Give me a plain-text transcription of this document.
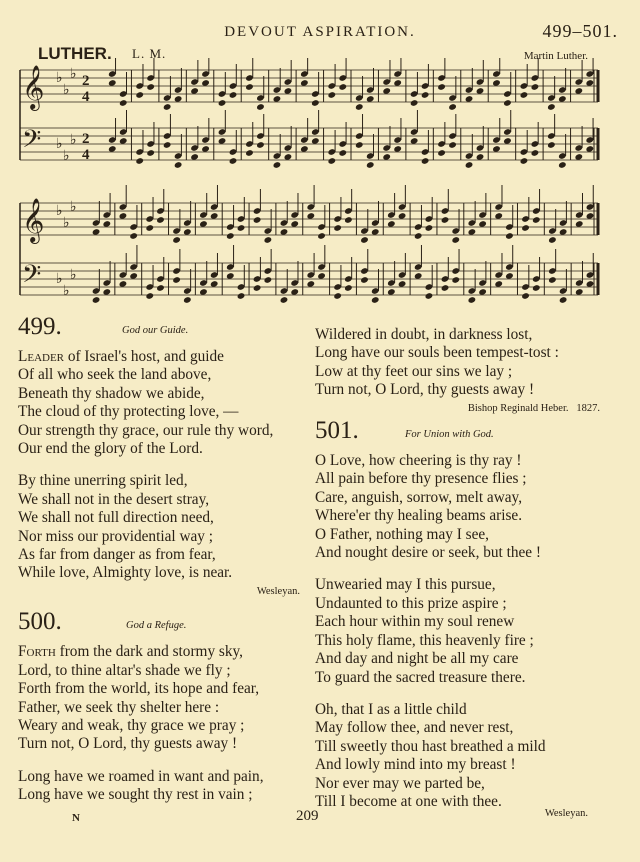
DEVOUT ASPIRATION.	499–501.
LUTHER. L. M.	Martin Luther.
𝄞 ♭
♭
♭ 2
4
𝄢 ♭
♭
♭ 2
4
𝄞 ♭
♭
♭
𝄢 ♭
♭
♭
499.	God our Guide.
Leader of Israel's host, and guide
Of all who seek the land above,
Beneath thy shadow we abide,
The cloud of thy protecting love, —
Our strength thy grace, our rule thy word,
Our end the glory of the Lord.
By thine unerring spirit led,
We shall not in the desert stray,
We shall not full direction need,
Nor miss our providential way ;
As far from danger as from fear,
While love, Almighty love, is near.
Wesleyan.
500.	God a Refuge.
Forth from the dark and stormy sky,
Lord, to thine altar's shade we fly ;
Forth from the world, its hope and fear,
Father, we seek thy shelter here :
Weary and weak, thy grace we pray ;
Turn not, O Lord, thy guests away !
Long have we roamed in want and pain,
Long have we sought thy rest in vain ;
Wildered in doubt, in darkness lost,
Long have our souls been tempest-tost :
Low at thy feet our sins we lay ;
Turn not, O Lord, thy guests away !
Bishop Reginald Heber. 1827.
501.	For Union with God.
O Love, how cheering is thy ray !
All pain before thy presence flies ;
Care, anguish, sorrow, melt away,
Where'er thy healing beams arise.
O Father, nothing may I see,
And nought desire or seek, but thee !
Unwearied may I this pursue,
Undaunted to this prize aspire ;
Each hour within my soul renew
This holy flame, this heavenly fire ;
And day and night be all my care
To guard the sacred treasure there.
Oh, that I as a little child
May follow thee, and never rest,
Till sweetly thou hast breathed a mild
And lowly mind into my breast !
Nor ever may we parted be,
Till I become at one with thee.
N	209	Wesleyan.
